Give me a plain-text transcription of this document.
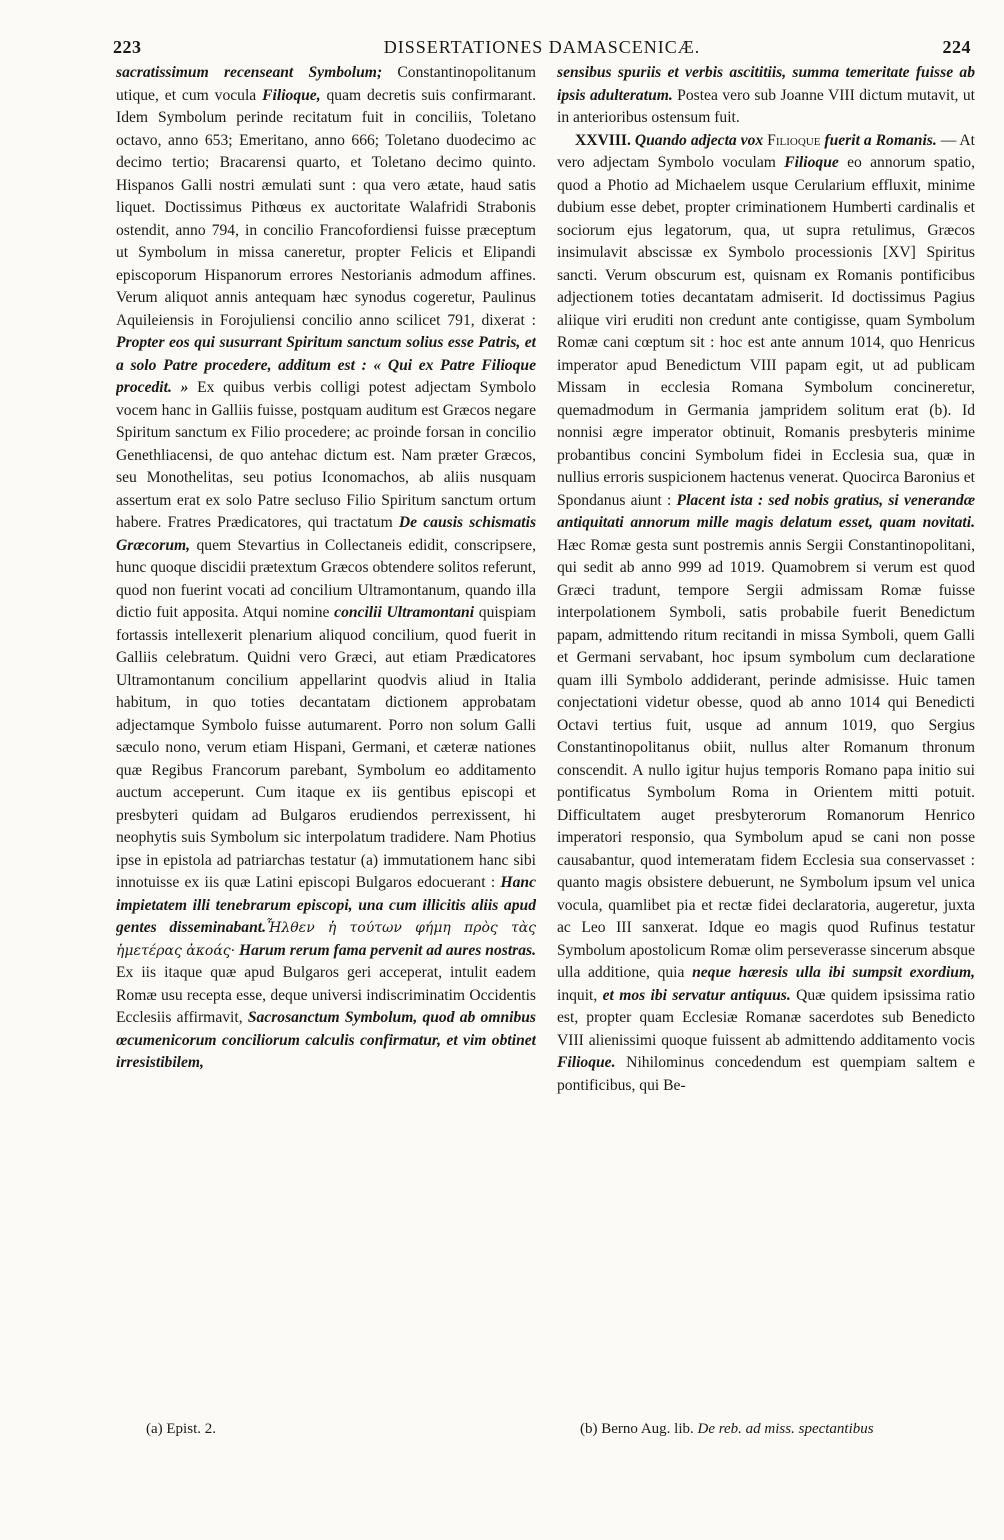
223	DISSERTATIONES DAMASCENICÆ.	224

sacratissimum recenseant Symbolum; Constantinopolitanum utique, et cum vocula Filioque, quam decretis suis confirmarant. Idem Symbolum perinde recitatum fuit in conciliis, Toletano octavo, anno 653; Emeritano, anno 666; Toletano duodecimo ac decimo tertio; Bracarensi quarto, et Toletano decimo quinto. Hispanos Galli nostri æmulati sunt : qua vero ætate, haud satis liquet. Doctissimus Pithœus ex auctoritate Walafridi Strabonis ostendit, anno 794, in concilio Francofordiensi fuisse præceptum ut Symbolum in missa caneretur, propter Felicis et Elipandi episcoporum Hispanorum errores Nestorianis admodum affines. Verum aliquot annis antequam hæc synodus cogeretur, Paulinus Aquileiensis in Forojuliensi concilio anno scilicet 791, dixerat : Propter eos qui susurrant Spiritum sanctum solius esse Patris, et a solo Patre procedere, additum est : « Qui ex Patre Filioque procedit. » Ex quibus verbis colligi potest adjectam Symbolo vocem hanc in Galliis fuisse, postquam auditum est Græcos negare Spiritum sanctum ex Filio procedere; ac proinde forsan in concilio Genethliacensi, de quo antehac dictum est. Nam præter Græcos, seu Monothelitas, seu potius Iconomachos, ab aliis nusquam assertum erat ex solo Patre secluso Filio Spiritum sanctum ortum habere. Fratres Prædicatores, qui tractatum De causis schismatis Græcorum, quem Stevartius in Collectaneis edidit, conscripsere, hunc quoque discidii prætextum Græcos obtendere solitos referunt, quod non fuerint vocati ad concilium Ultramontanum, quando illa dictio fuit apposita. Atqui nomine concilii Ultramontani quispiam fortassis intellexerit plenarium aliquod concilium, quod fuerit in Galliis celebratum. Quidni vero Græci, aut etiam Prædicatores Ultramontanum concilium appellarint quodvis aliud in Italia habitum, in quo toties decantatam dictionem approbatam adjectamque Symbolo fuisse autumarent. Porro non solum Galli sæculo nono, verum etiam Hispani, Germani, et cæteræ nationes quæ Regibus Francorum parebant, Symbolum eo additamento auctum acceperunt. Cum itaque ex iis gentibus episcopi et presbyteri quidam ad Bulgaros erudiendos perrexissent, hi neophytis suis Symbolum sic interpolatum tradidere. Nam Photius ipse in epistola ad patriarchas testatur (a) immutationem hanc sibi innotuisse ex iis quæ Latini episcopi Bulgaros edocuerant : Hanc impietatem illi tenebrarum episcopi, una cum illicitis aliis apud gentes disseminabant.Ἦλθεν ἡ τούτων φήμη πρὸς τὰς ἡμετέρας ἀκοάς· Harum rerum fama pervenit ad aures nostras. Ex iis itaque quæ apud Bulgaros geri acceperat, intulit eadem Romæ usu recepta esse, deque universi indiscriminatim Occidentis Ecclesiis affirmavit, Sacrosanctum Symbolum, quod ab omnibus œcumenicorum conciliorum calculis confirmatur, et vim obtinet irresistibilem,

sensibus spuriis et verbis ascititiis, summa temeritate fuisse ab ipsis adulteratum. Postea vero sub Joanne VIII dictum mutavit, ut in anterioribus ostensum fuit.

XXVIII. Quando adjecta vox Filioque fuerit a Romanis. — At vero adjectam Symbolo voculam Filioque eo annorum spatio, quod a Photio ad Michaelem usque Cerularium effluxit, minime dubium esse debet, propter criminationem Humberti cardinalis et sociorum ejus legatorum, qua, ut supra retulimus, Græcos insimulavit abscissæ ex Symbolo processionis [XV] Spiritus sancti. Verum obscurum est, quisnam ex Romanis pontificibus adjectionem toties decantatam admiserit. Id doctissimus Pagius aliique viri eruditi non credunt ante contigisse, quam Symbolum Romæ cani cœptum sit : hoc est ante annum 1014, quo Henricus imperator apud Benedictum VIII papam egit, ut ad publicam Missam in ecclesia Romana Symbolum concineretur, quemadmodum in Germania jampridem solitum erat (b). Id nonnisi ægre imperator obtinuit, Romanis presbyteris minime probantibus concini Symbolum fidei in Ecclesia sua, quæ in nullius erroris suspicionem hactenus venerat. Quocirca Baronius et Spondanus aiunt : Placent ista : sed nobis gratius, si venerandæ antiquitati annorum mille magis delatum esset, quam novitati. Hæc Romæ gesta sunt postremis annis Sergii Constantinopolitani, qui sedit ab anno 999 ad 1019. Quamobrem si verum est quod Græci tradunt, tempore Sergii admissam Romæ fuisse interpolationem Symboli, satis probabile fuerit Benedictum papam, admittendo ritum recitandi in missa Symboli, quem Galli et Germani servabant, hoc ipsum symbolum cum declaratione quam illi Symbolo addiderant, perinde admisisse. Huic tamen conjectationi videtur obesse, quod ab anno 1014 qui Benedicti Octavi tertius fuit, usque ad annum 1019, quo Sergius Constantinopolitanus obiit, nullus alter Romanum thronum conscendit. A nullo igitur hujus temporis Romano papa initio sui pontificatus Symbolum Roma in Orientem mitti potuit. Difficultatem auget presbyterorum Romanorum Henrico imperatori responsio, qua Symbolum apud se cani non posse causabantur, quod intemeratam fidem Ecclesia sua conservasset : quanto magis obsistere debuerunt, ne Symbolum ipsum vel unica vocula, quamlibet pia et rectæ fidei declaratoria, augeretur, juxta ac Leo III sanxerat. Idque eo magis quod Rufinus testatur Symbolum apostolicum Romæ olim perseverasse sincerum absque ulla additione, quia neque hæresis ulla ibi sumpsit exordium, inquit, et mos ibi servatur antiquus. Quæ quidem ipsissima ratio est, propter quam Ecclesiæ Romanæ sacerdotes sub Benedicto VIII alienissimi quoque fuissent ab admittendo additamento vocis Filioque. Nihilominus concedendum est quempiam saltem e pontificibus, qui Be-

(a) Epist. 2.	(b) Berno Aug. lib. De reb. ad miss. spectantibus
